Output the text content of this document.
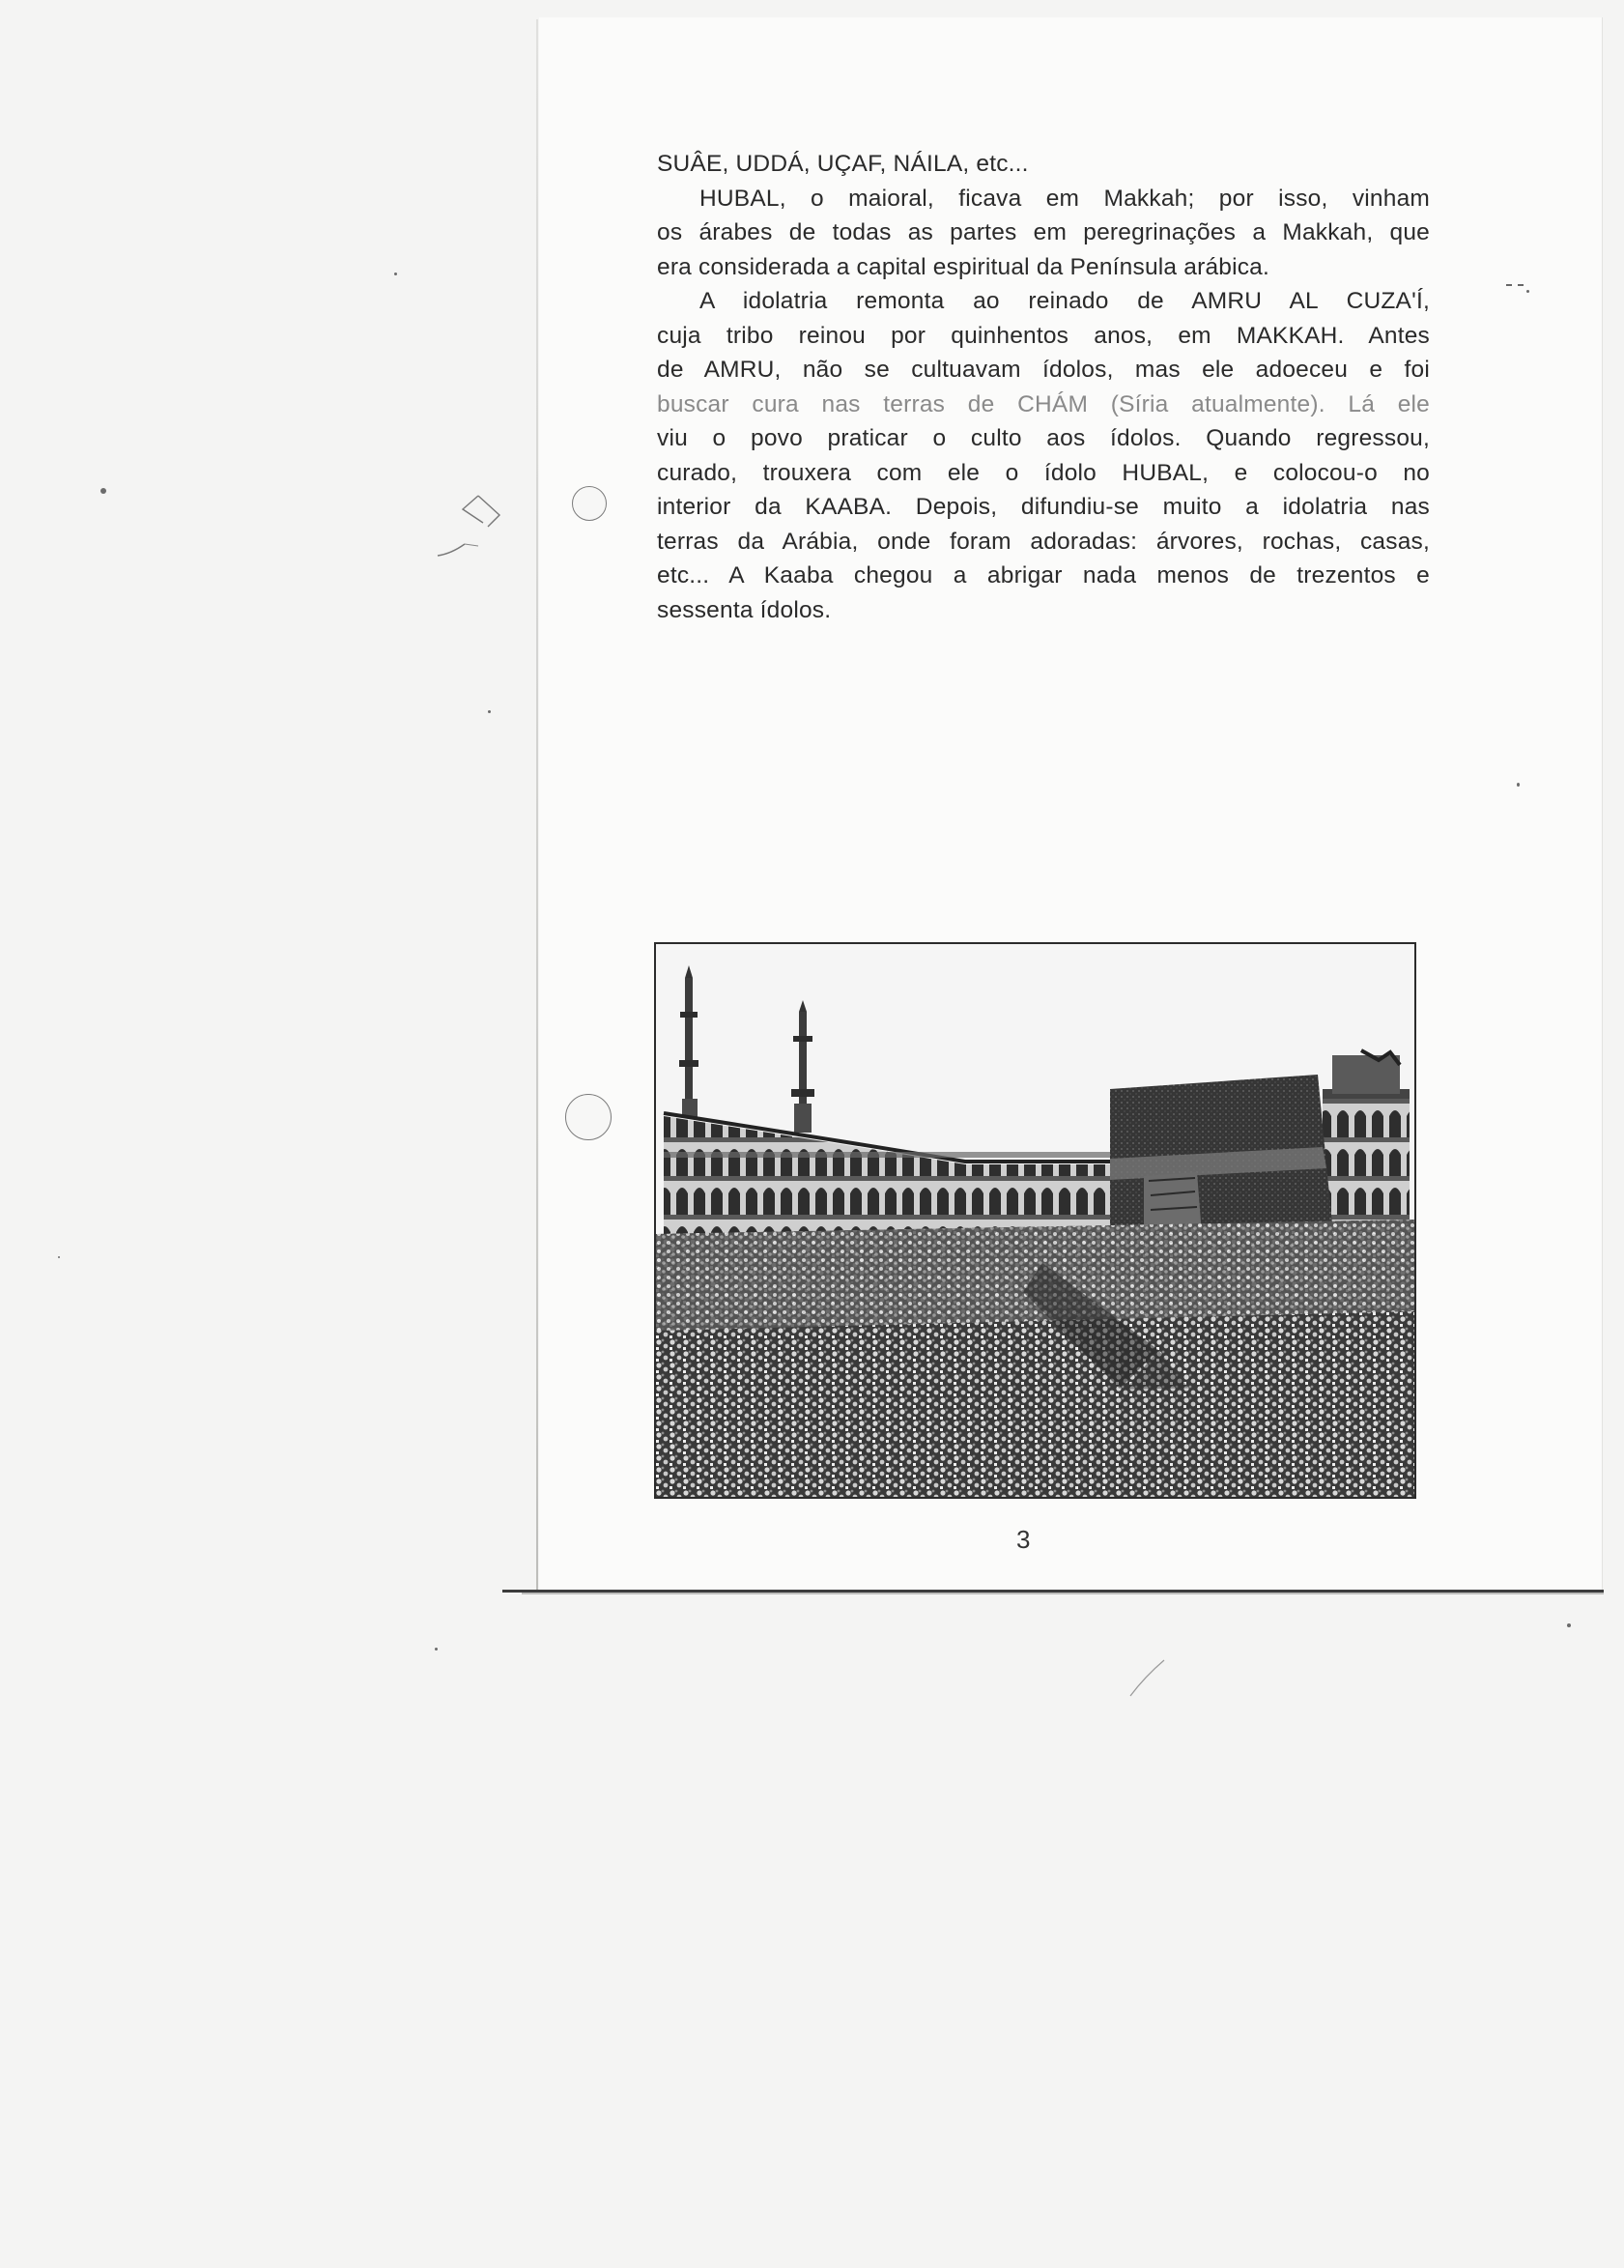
SUÂE, UDDÁ, UÇAF, NÁILA, etc...
HUBAL, o maioral, ficava em Makkah; por isso, vinham
os árabes de todas as partes em peregrinações a Makkah, que
era considerada a capital espiritual da Península arábica.
A idolatria remonta ao reinado de AMRU AL CUZA'Í,
cuja tribo reinou por quinhentos anos, em MAKKAH. Antes
de AMRU, não se cultuavam ídolos, mas ele adoeceu e foi
buscar cura nas terras de CHÁM (Síria atualmente). Lá ele
viu o povo praticar o culto aos ídolos. Quando regressou,
curado, trouxera com ele o ídolo HUBAL, e colocou-o no
interior da KAABA. Depois, difundiu-se muito a idolatria nas
terras da Arábia, onde foram adoradas: árvores, rochas, casas,
etc... A Kaaba chegou a abrigar nada menos de trezentos e
sessenta ídolos.
3
